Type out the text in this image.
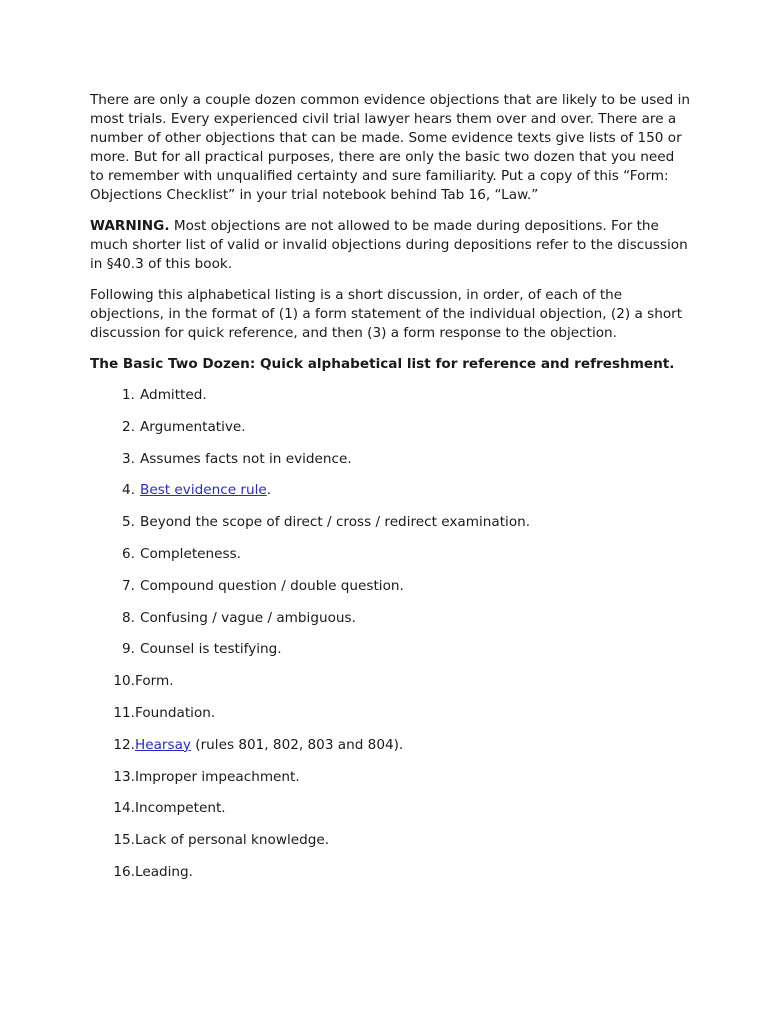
There are only a couple dozen common evidence objections that are likely to be used in most trials. Every experienced civil trial lawyer hears them over and over. There are a number of other objections that can be made. Some evidence texts give lists of 150 or more. But for all practical purposes, there are only the basic two dozen that you need to remember with unqualified certainty and sure familiarity. Put a copy of this “Form: Objections Checklist” in your trial notebook behind Tab 16, “Law.”

WARNING. Most objections are not allowed to be made during depositions. For the much shorter list of valid or invalid objections during depositions refer to the discussion in §40.3 of this book.

Following this alphabetical listing is a short discussion, in order, of each of the objections, in the format of (1) a form statement of the individual objection, (2) a short discussion for quick reference, and then (3) a form response to the objection.

The Basic Two Dozen: Quick alphabetical list for reference and refreshment.

1. Admitted.
2. Argumentative.
3. Assumes facts not in evidence.
4. Best evidence rule.
5. Beyond the scope of direct / cross / redirect examination.
6. Completeness.
7. Compound question / double question.
8. Confusing / vague / ambiguous.
9. Counsel is testifying.
10. Form.
11. Foundation.
12. Hearsay (rules 801, 802, 803 and 804).
13. Improper impeachment.
14. Incompetent.
15. Lack of personal knowledge.
16. Leading.
